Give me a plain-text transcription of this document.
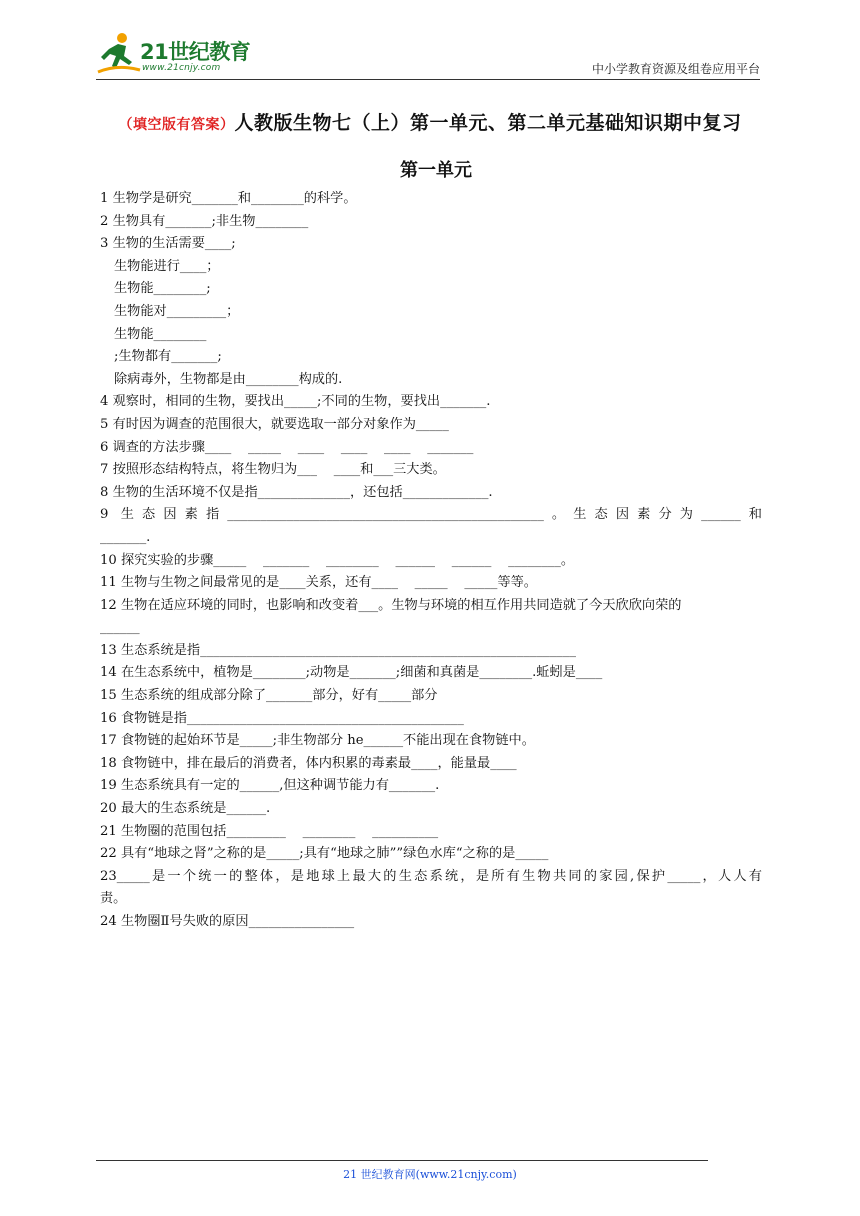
21世纪教育
www.21cnjy.com	中小学教育资源及组卷应用平台
（填空版有答案）人教版生物七（上）第一单元、第二单元基础知识期中复习
第一单元
1 生物学是研究_______和________的科学。
2 生物具有_______;非生物________
3 生物的生活需要____;
生物能进行____；
生物能________;
生物能对_________；
生物能________
;生物都有_______;
除病毒外，生物都是由________构成的.
4 观察时，相同的生物，要找出_____;不同的生物，要找出_______.
5 有时因为调查的范围很大，就要选取一部分对象作为_____
6 调查的方法步骤____    _____    ____    ____    ____    _______
7 按照形态结构特点，将生物归为___    ____和___三大类。
8 生物的生活环境不仅是指______________，还包括_____________.
9 生态因素指________________________________________________。生态因素分为______和
_______.
10 探究实验的步骤_____    _______    ________    ______    ______    ________。
11 生物与生物之间最常见的是____关系，还有____    _____    _____等等。
12 生物在适应环境的同时，也影响和改变着___。生物与环境的相互作用共同造就了今天欣欣向荣的
______
13 生态系统是指_________________________________________________________
14 在生态系统中，植物是________;动物是_______;细菌和真菌是________.蚯蚓是____
15 生态系统的组成部分除了_______部分，好有_____部分
16 食物链是指__________________________________________
17 食物链的起始环节是_____;非生物部分 he______不能出现在食物链中。
18 食物链中，排在最后的消费者，体内积累的毒素最____，能量最____
19 生态系统具有一定的______,但这种调节能力有_______.
20 最大的生态系统是______.
21 生物圈的范围包括_________    ________    __________
22 具有“地球之肾”之称的是_____;具有“地球之肺””绿色水库“之称的是_____
23_____是一个统一的整体，是地球上最大的生态系统，是所有生物共同的家园,保护_____，人人有
责。
24 生物圈Ⅱ号失败的原因________________
21 世纪教育网(www.21cnjy.com)
